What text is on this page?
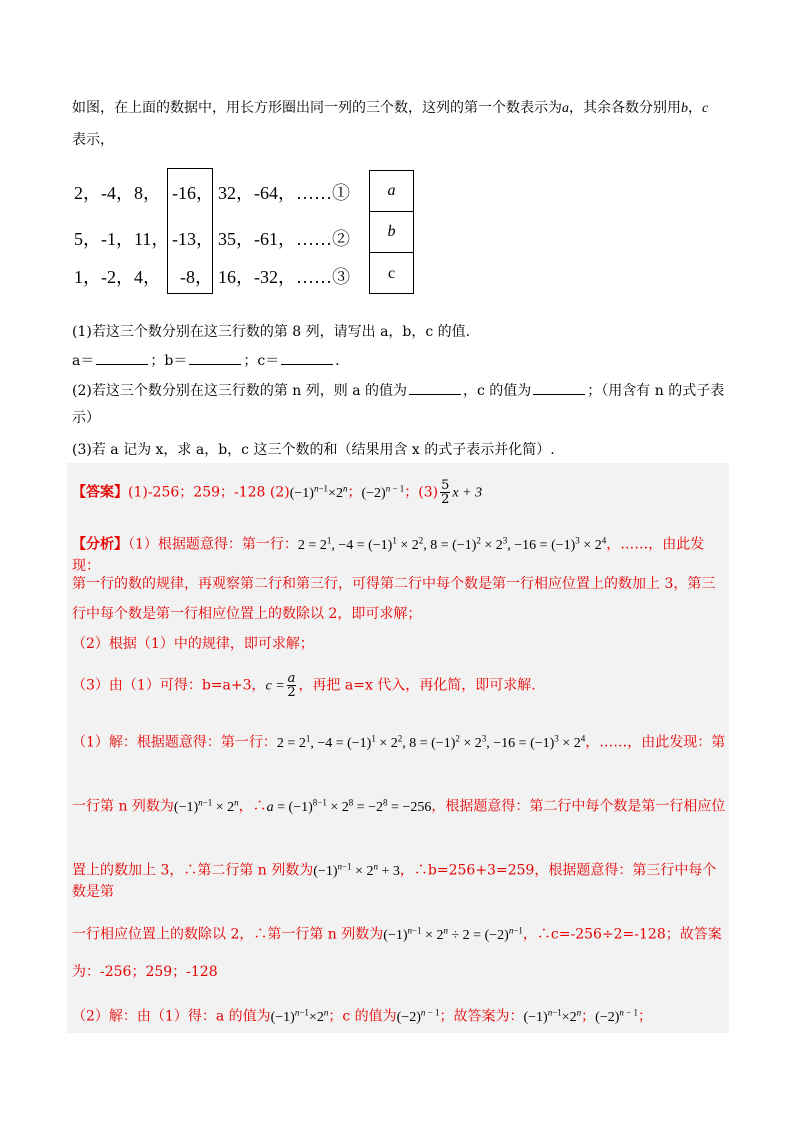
如图，在上面的数据中，用长方形圈出同一列的三个数，这列的第一个数表示为a，其余各数分别用b，c
表示，
2，-4，8， -16， 32，-64，……①
5，-1，11， -13， 35，-61，……②
1，-2，4， -8， 16，-32，……③
a
b
c
(1)若这三个数分别在这三行数的第 8 列，请写出 a，b，c 的值.
a＝	；b＝	；c＝	.
(2)若这三个数分别在这三行数的第 n 列，则 a 的值为	，c 的值为	；（用含有 n 的式子表
示）
(3)若 a 记为 x，求 a，b，c 这三个数的和（结果用含 x 的式子表示并化简）.
【答案】(1)-256；259；-128 $(2)(-1)^{n-1}\times 2^n$；$(-2)^{n - 1}$；$(3) \frac{5}{2}$ x + 3
【分析】（1）根据题意得：第一行：$2 = 2^1$, $-4 = (-1)^1 \times 2^2$, $8 = (-1)^2 \times 2^3$, $-16 = (-1)^3 \times 2^4$，……，由此发现：
第一行的数的规律，再观察第二行和第三行，可得第二行中每个数是第一行相应位置上的数加上 3，第三
行中每个数是第一行相应位置上的数除以 2，即可求解；
（2）根据（1）中的规律，即可求解；
（3）由（1）可得：b=a+3，$c = \frac{a}{2}$ ，再把 a=x 代入，再化简，即可求解.
（1）解：根据题意得：第一行：$2 = 2^1$, $-4 = (-1)^1 \times 2^2$, $8 = (-1)^2 \times 2^3$, $-16 = (-1)^3 \times 2^4$，……，由此发现：第
一行第 n 列数为$(-1)^{n-1} \times 2^n$，∴a = $(-1)^{8-1} \times 2^8 = -2^8 = -256$，根据题意得：第二行中每个数是第一行相应位
置上的数加上 3，∴第二行第 n 列数为$(-1)^{n-1} \times 2^n + 3$，∴b=256+3=259，根据题意得：第三行中每个数是第
一行相应位置上的数除以 2，∴第一行第 n 列数为$(-1)^{n-1} \times 2^n \div 2 = (-2)^{n-1}$，∴c=-256÷2=-128；故答案
为：-256；259；-128
（2）解：由（1）得：a 的值为$(-1)^{n-1}\times 2^n$；c 的值为$(-2)^{n - 1}$；故答案为：$(-1)^{n-1}\times 2^n$；$(-2)^{n - 1}$；
